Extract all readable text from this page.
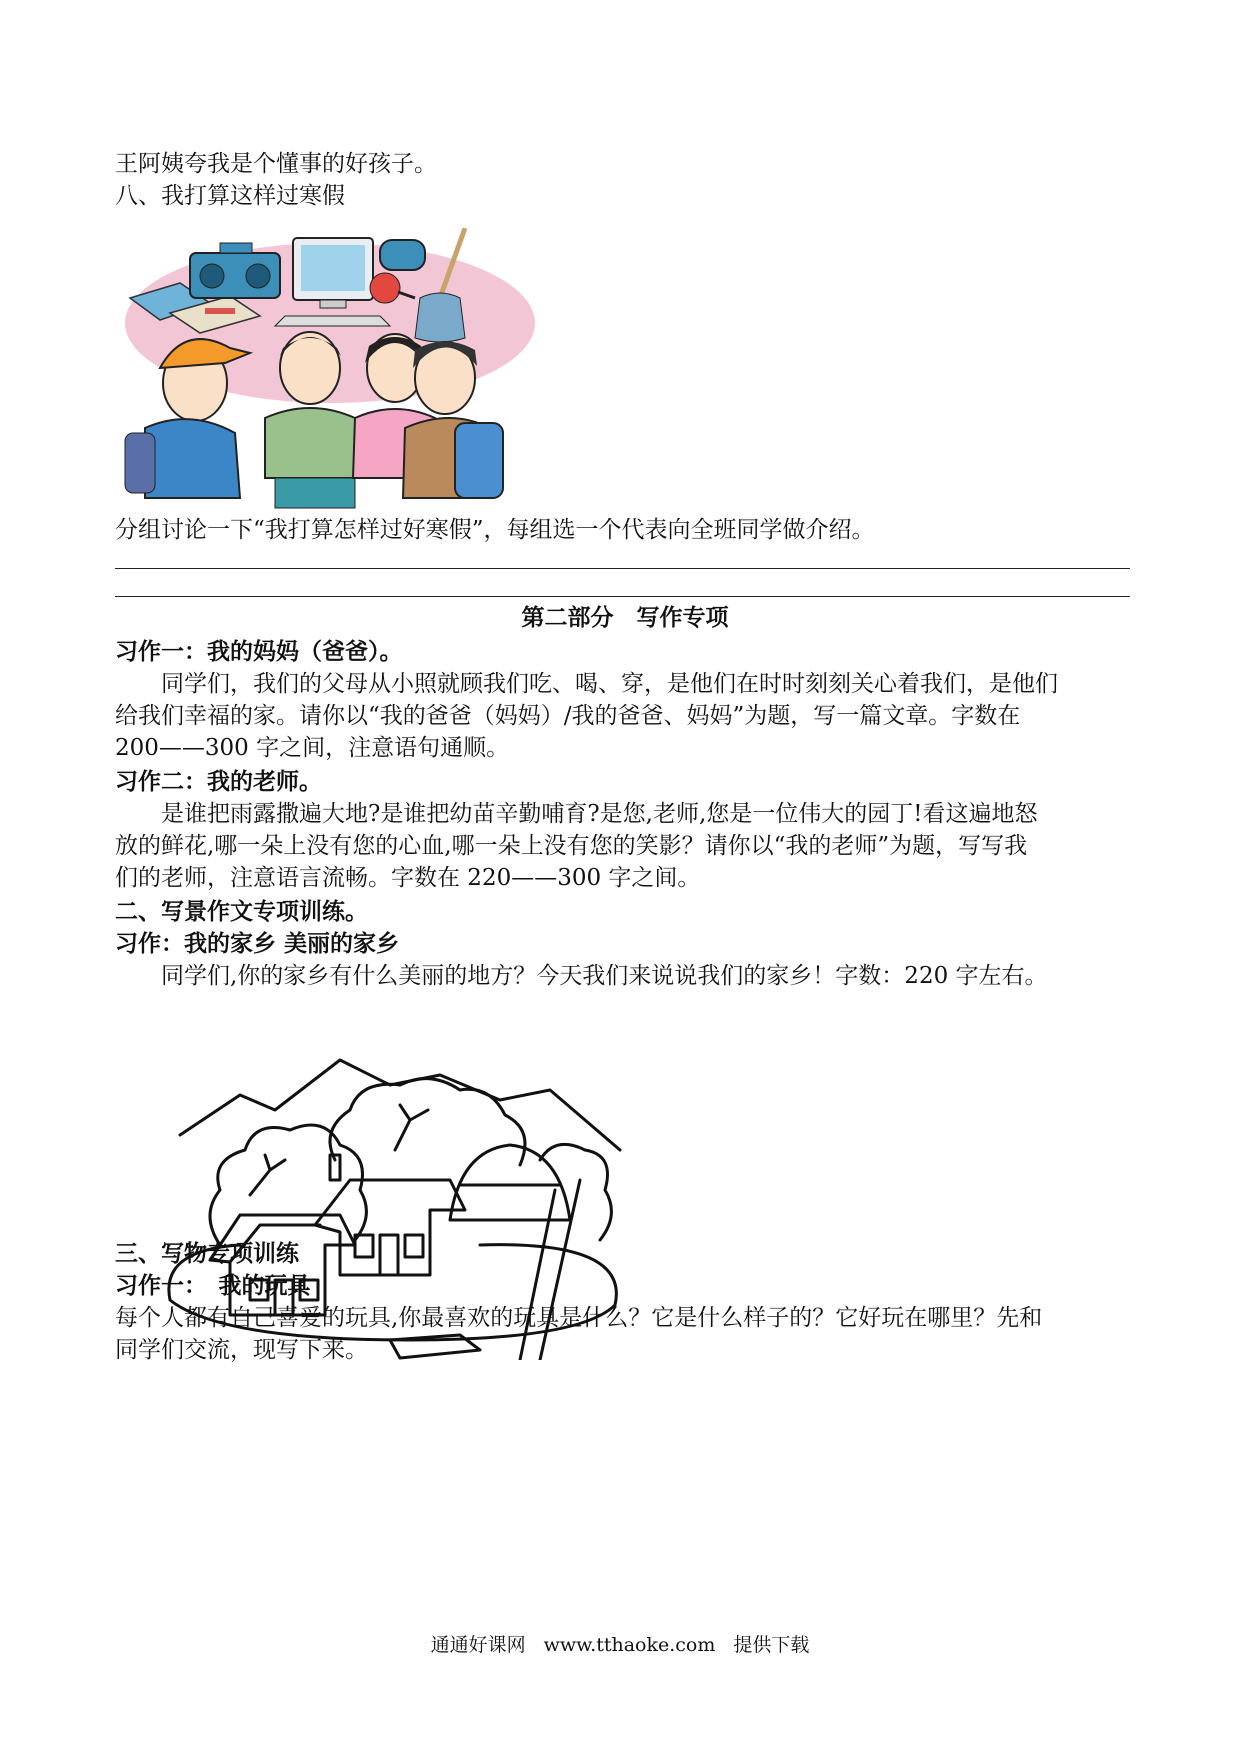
王阿姨夸我是个懂事的好孩子。
八、我打算这样过寒假
分组讨论一下“我打算怎样过好寒假”，每组选一个代表向全班同学做介绍。
第二部分　写作专项
习作一：我的妈妈（爸爸）。
同学们，我们的父母从小照就顾我们吃、喝、穿，是他们在时时刻刻关心着我们，是他们
给我们幸福的家。请你以“我的爸爸（妈妈）/我的爸爸、妈妈”为题，写一篇文章。字数在
200——300 字之间，注意语句通顺。
习作二：我的老师。
是谁把雨露撒遍大地?是谁把幼苗辛勤哺育?是您,老师,您是一位伟大的园丁!看这遍地怒
放的鲜花,哪一朵上没有您的心血,哪一朵上没有您的笑影？请你以“我的老师”为题，写写我
们的老师，注意语言流畅。字数在 220——300 字之间。
二、写景作文专项训练。
习作：我的家乡 美丽的家乡
同学们,你的家乡有什么美丽的地方？今天我们来说说我们的家乡！字数：220 字左右。
三、写物专项训练
习作一：　我的玩具
每个人都有自己喜爱的玩具,你最喜欢的玩具是什么？它是什么样子的？它好玩在哪里？先和
同学们交流，现写下来。
通通好课网 www.tthaoke.com 提供下载
